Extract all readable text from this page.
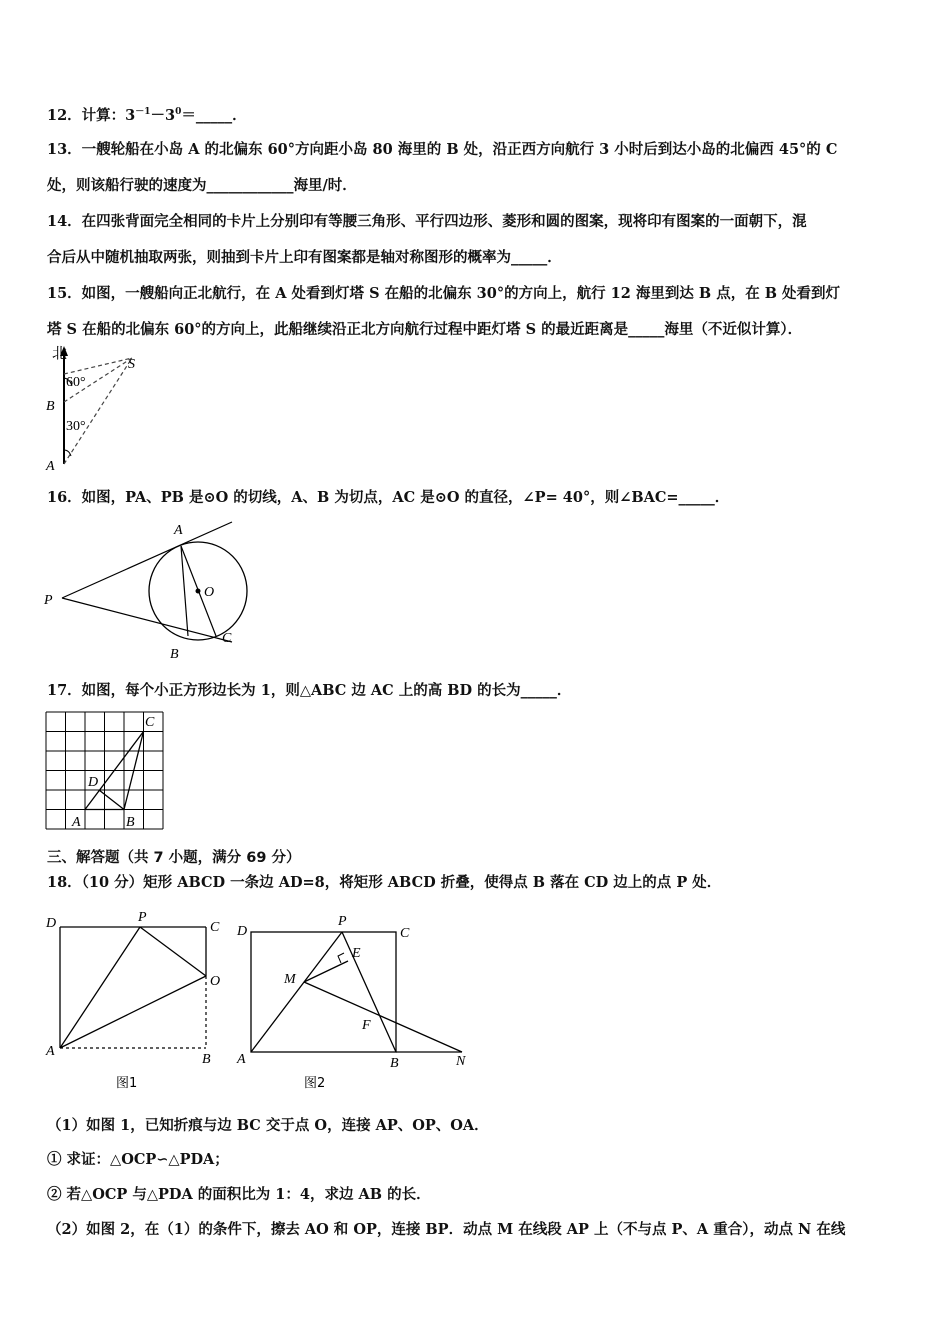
12．计算：$3^{-1}-3^0=\_\_\_\_\_$．
13．一艘轮船在小岛 A 的北偏东 60°方向距小岛 80 海里的 B 处，沿正西方向航行 3 小时后到达小岛的北偏西 45°的 C
处，则该船行驶的速度为____________海里/时．
14．在四张背面完全相同的卡片上分别印有等腰三角形、平行四边形、菱形和圆的图案，现将印有图案的一面朝下，混
合后从中随机抽取两张，则抽到卡片上印有图案都是轴对称图形的概率为_____．
15．如图，一艘船向正北航行，在 A 处看到灯塔 S 在船的北偏东 30°的方向上，航行 12 海里到达 B 点，在 B 处看到灯
塔 S 在船的北偏东 60°的方向上，此船继续沿正北方向航行过程中距灯塔 S 的最近距离是_____海里（不近似计算）．
北
60°
30°
S
B
A
16．如图，PA、PB 是⊙O 的切线，A、B 为切点，AC 是⊙O 的直径，∠P= 40°，则∠BAC=_____．
A
O
C
P
B
17．如图，每个小正方形边长为 1，则△ABC 边 AC 上的高 BD 的长为_____．
C
D
A	B
三、解答题（共 7 小题，满分 69 分）
18．（10 分）矩形 ABCD 一条边 AD=8，将矩形 ABCD 折叠，使得点 B 落在 CD 边上的点 P 处．
D	P
C
O
A
B
图1
D
P
C
E
M
F
A	B	N
图2
（1）如图 1，已知折痕与边 BC 交于点 O，连接 AP、OP、OA．
① 求证：△OCP∽△PDA；
② 若△OCP 与△PDA 的面积比为 1：4，求边 AB 的长．
（2）如图 2，在（1）的条件下，擦去 AO 和 OP，连接 BP．动点 M 在线段 AP 上（不与点 P、A 重合），动点 N 在线
